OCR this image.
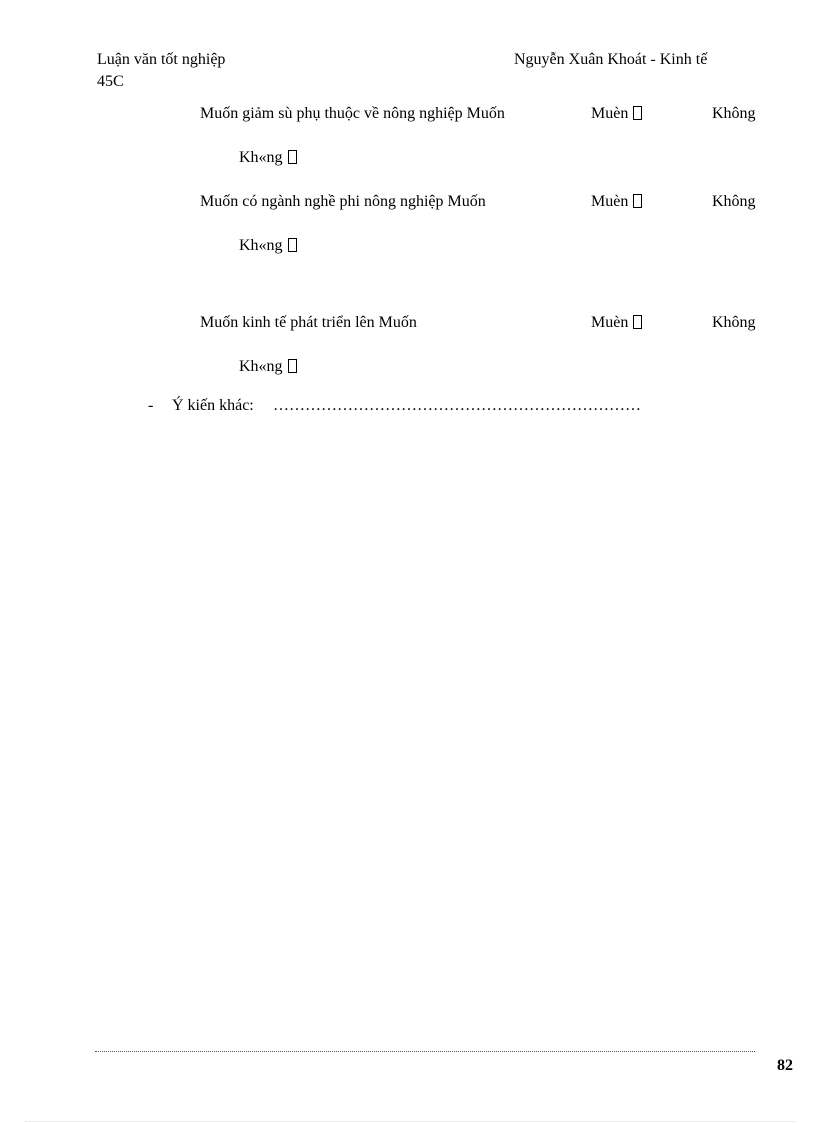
Luận văn tốt nghiệp	Nguyễn Xuân Khoát - Kinh tế
45C
Muốn giảm sù phụ thuộc về nông nghiệp Muốn	Muèn	Không
Kh«ng
Muốn có ngành nghề phi nông nghiệp Muốn	Muèn	Không
Kh«ng
Muốn kinh tế phát triển lên Muốn	Muèn	Không
Kh«ng
- Ý kiến khác: ……………………………………………………………
82
